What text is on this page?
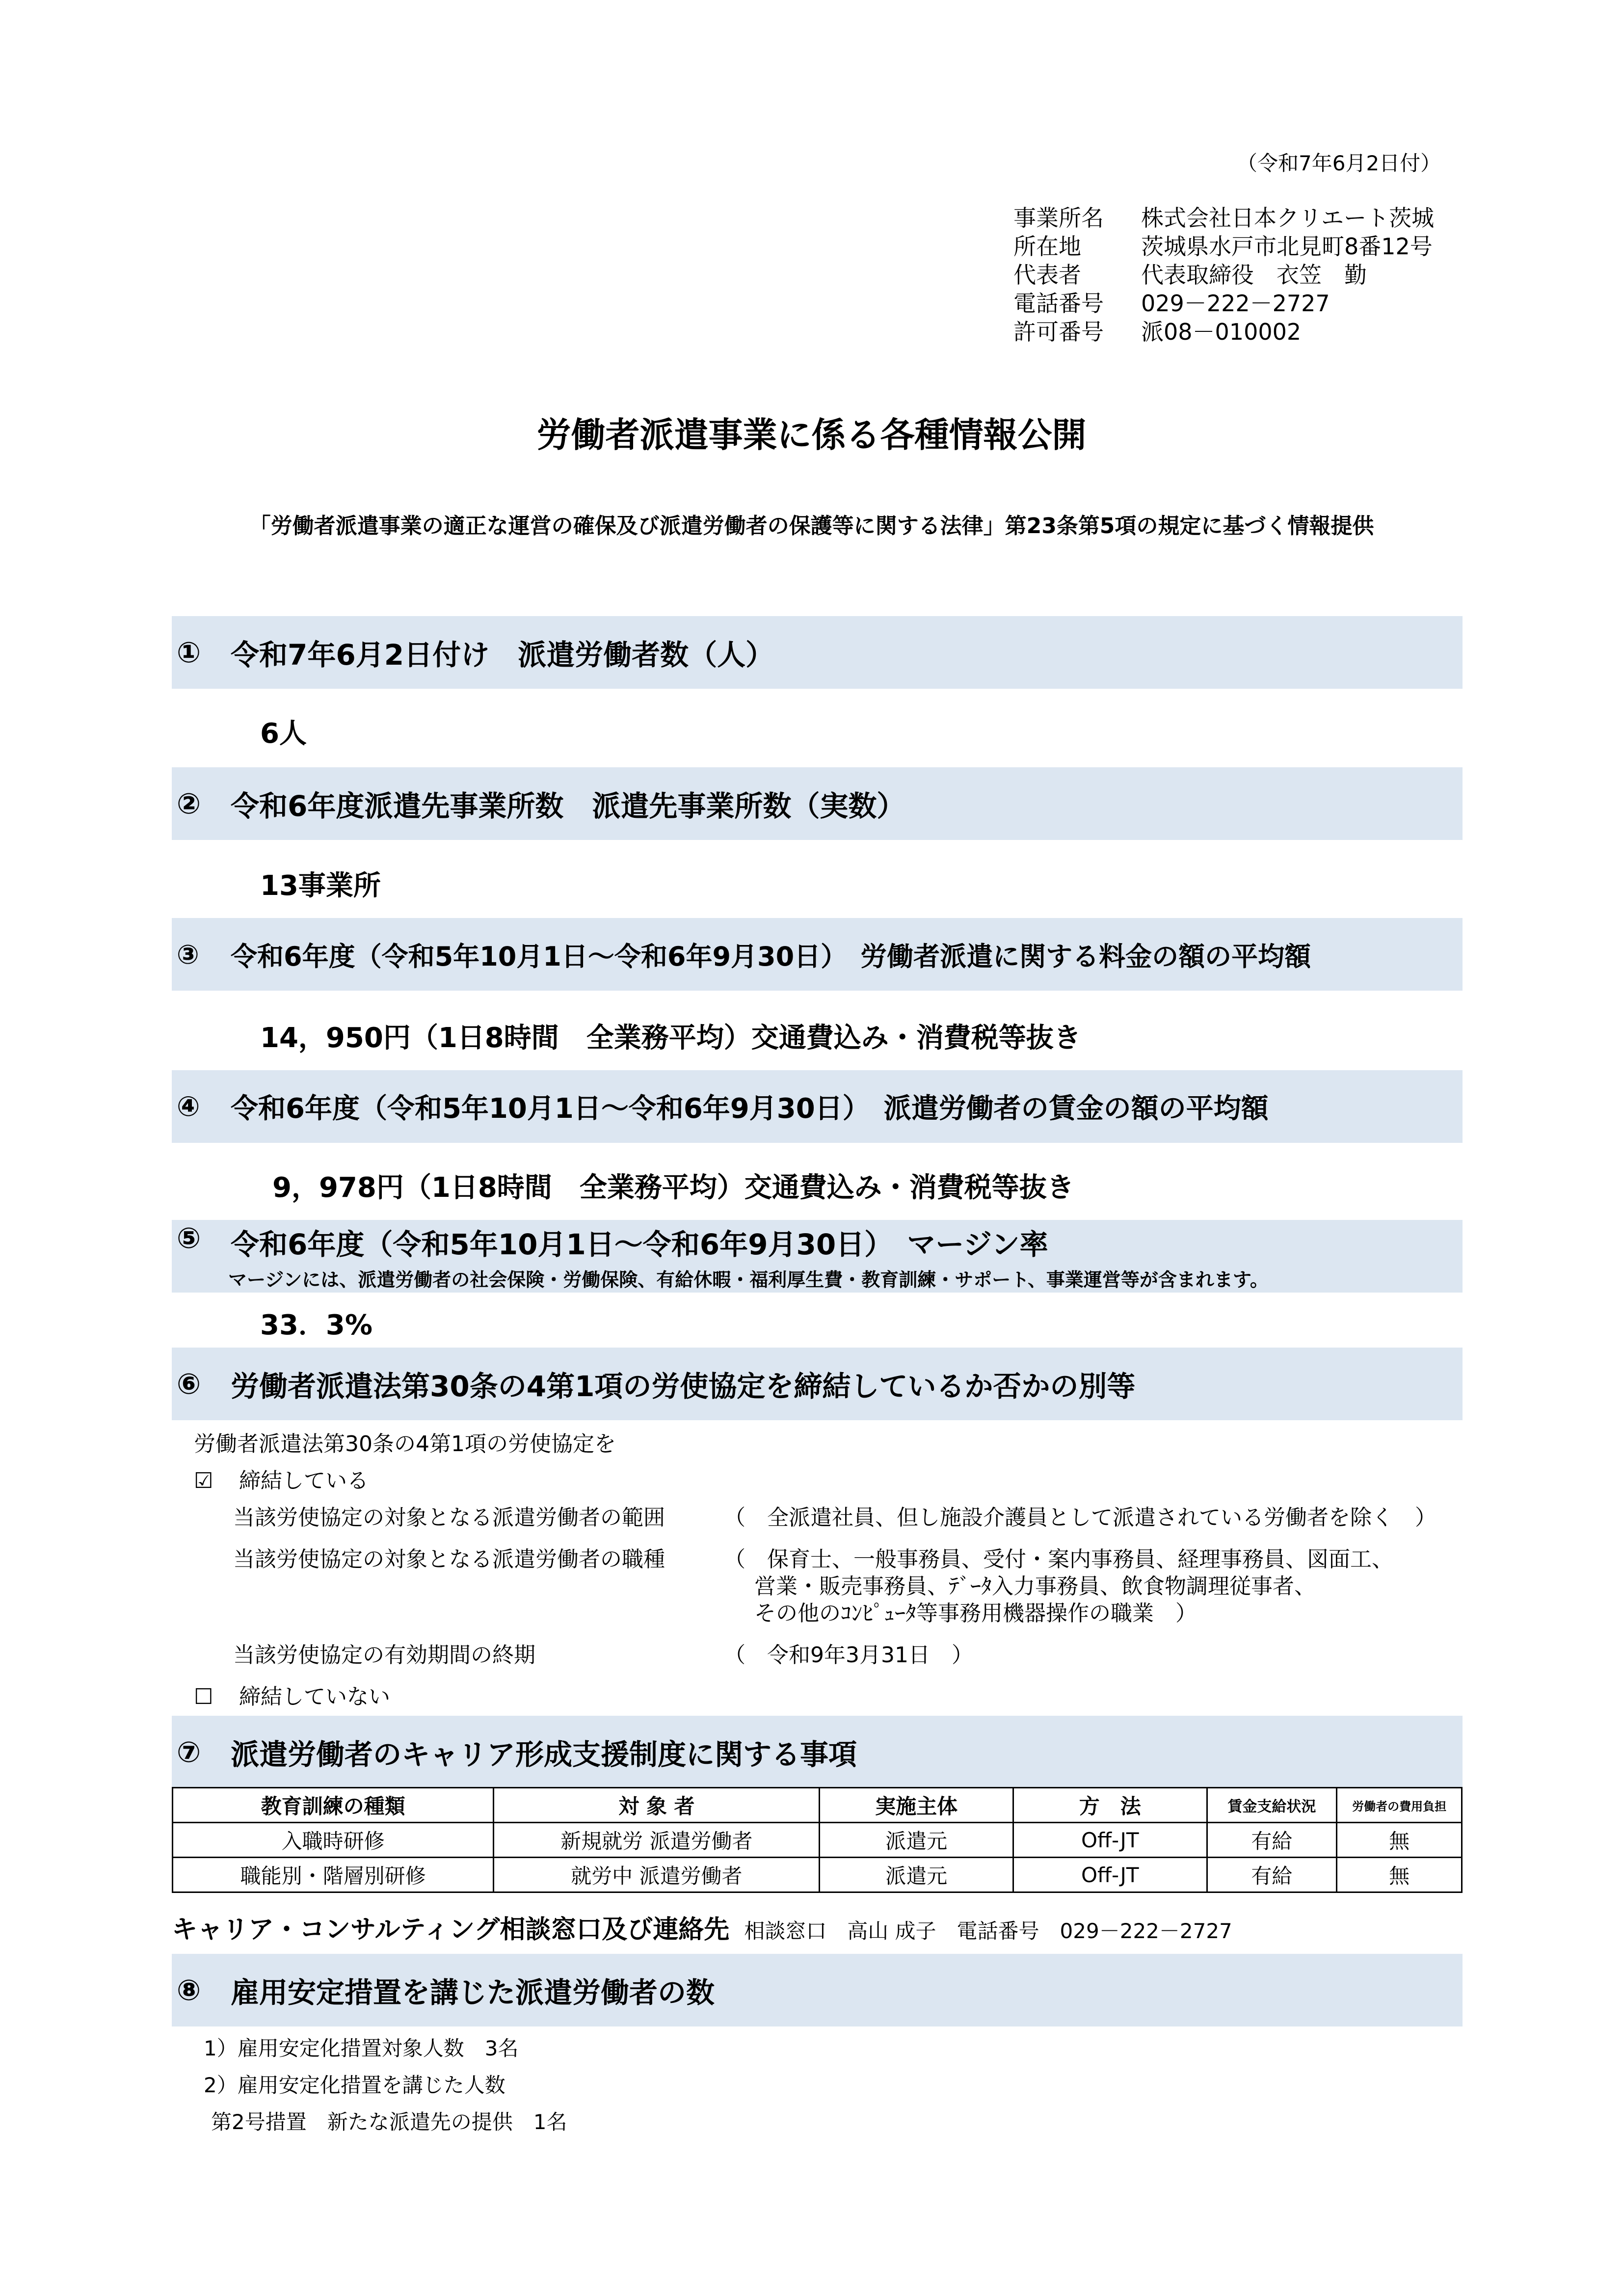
（令和7年6月2日付）
事業所名	株式会社日本クリエート茨城
所在地	茨城県水戸市北見町8番12号
代表者	代表取締役　衣笠　勤
電話番号	029－222－2727
許可番号	派08－010002
労働者派遣事業に係る各種情報公開
「労働者派遣事業の適正な運営の確保及び派遣労働者の保護等に関する法律」第23条第5項の規定に基づく情報提供
①	令和7年6月2日付け　派遣労働者数（人）
6人
②	令和6年度派遣先事業所数　派遣先事業所数（実数）
13事業所
③	令和6年度（令和5年10月1日～令和6年9月30日）　労働者派遣に関する料金の額の平均額
14，950円（1日8時間　全業務平均）交通費込み・消費税等抜き
④	令和6年度（令和5年10月1日～令和6年9月30日）　派遣労働者の賃金の額の平均額
9，978円（1日8時間　全業務平均）交通費込み・消費税等抜き
⑤	令和6年度（令和5年10月1日～令和6年9月30日）　マージン率
マージンには、派遣労働者の社会保険・労働保険、有給休暇・福利厚生費・教育訓練・サポート、事業運営等が含まれます。
33．3%
⑥	労働者派遣法第30条の4第1項の労使協定を締結しているか否かの別等
労働者派遣法第30条の4第1項の労使協定を
☑ 締結している
当該労使協定の対象となる派遣労働者の範囲	（　全派遣社員、但し施設介護員として派遣されている労働者を除く　）
当該労使協定の対象となる派遣労働者の職種	（　保育士、一般事務員、受付・案内事務員、経理事務員、図面工、
営業・販売事務員、ﾃﾞｰﾀ入力事務員、飲食物調理従事者、
その他のｺﾝﾋﾟｭｰﾀ等事務用機器操作の職業　）
当該労使協定の有効期間の終期	（　令和9年3月31日　）
☐ 締結していない
⑦	派遣労働者のキャリア形成支援制度に関する事項
教育訓練の種類	対 象 者	実施主体	方　法	賃金支給状況	労働者の費用負担
入職時研修	新規就労 派遣労働者	派遣元	Off-JT	有給	無
職能別・階層別研修	就労中 派遣労働者	派遣元	Off-JT	有給	無
キャリア・コンサルティング相談窓口及び連絡先 相談窓口　高山 成子　電話番号　029－222－2727
⑧	雇用安定措置を講じた派遣労働者の数
1）雇用安定化措置対象人数　3名
2）雇用安定化措置を講じた人数
第2号措置　新たな派遣先の提供　1名
